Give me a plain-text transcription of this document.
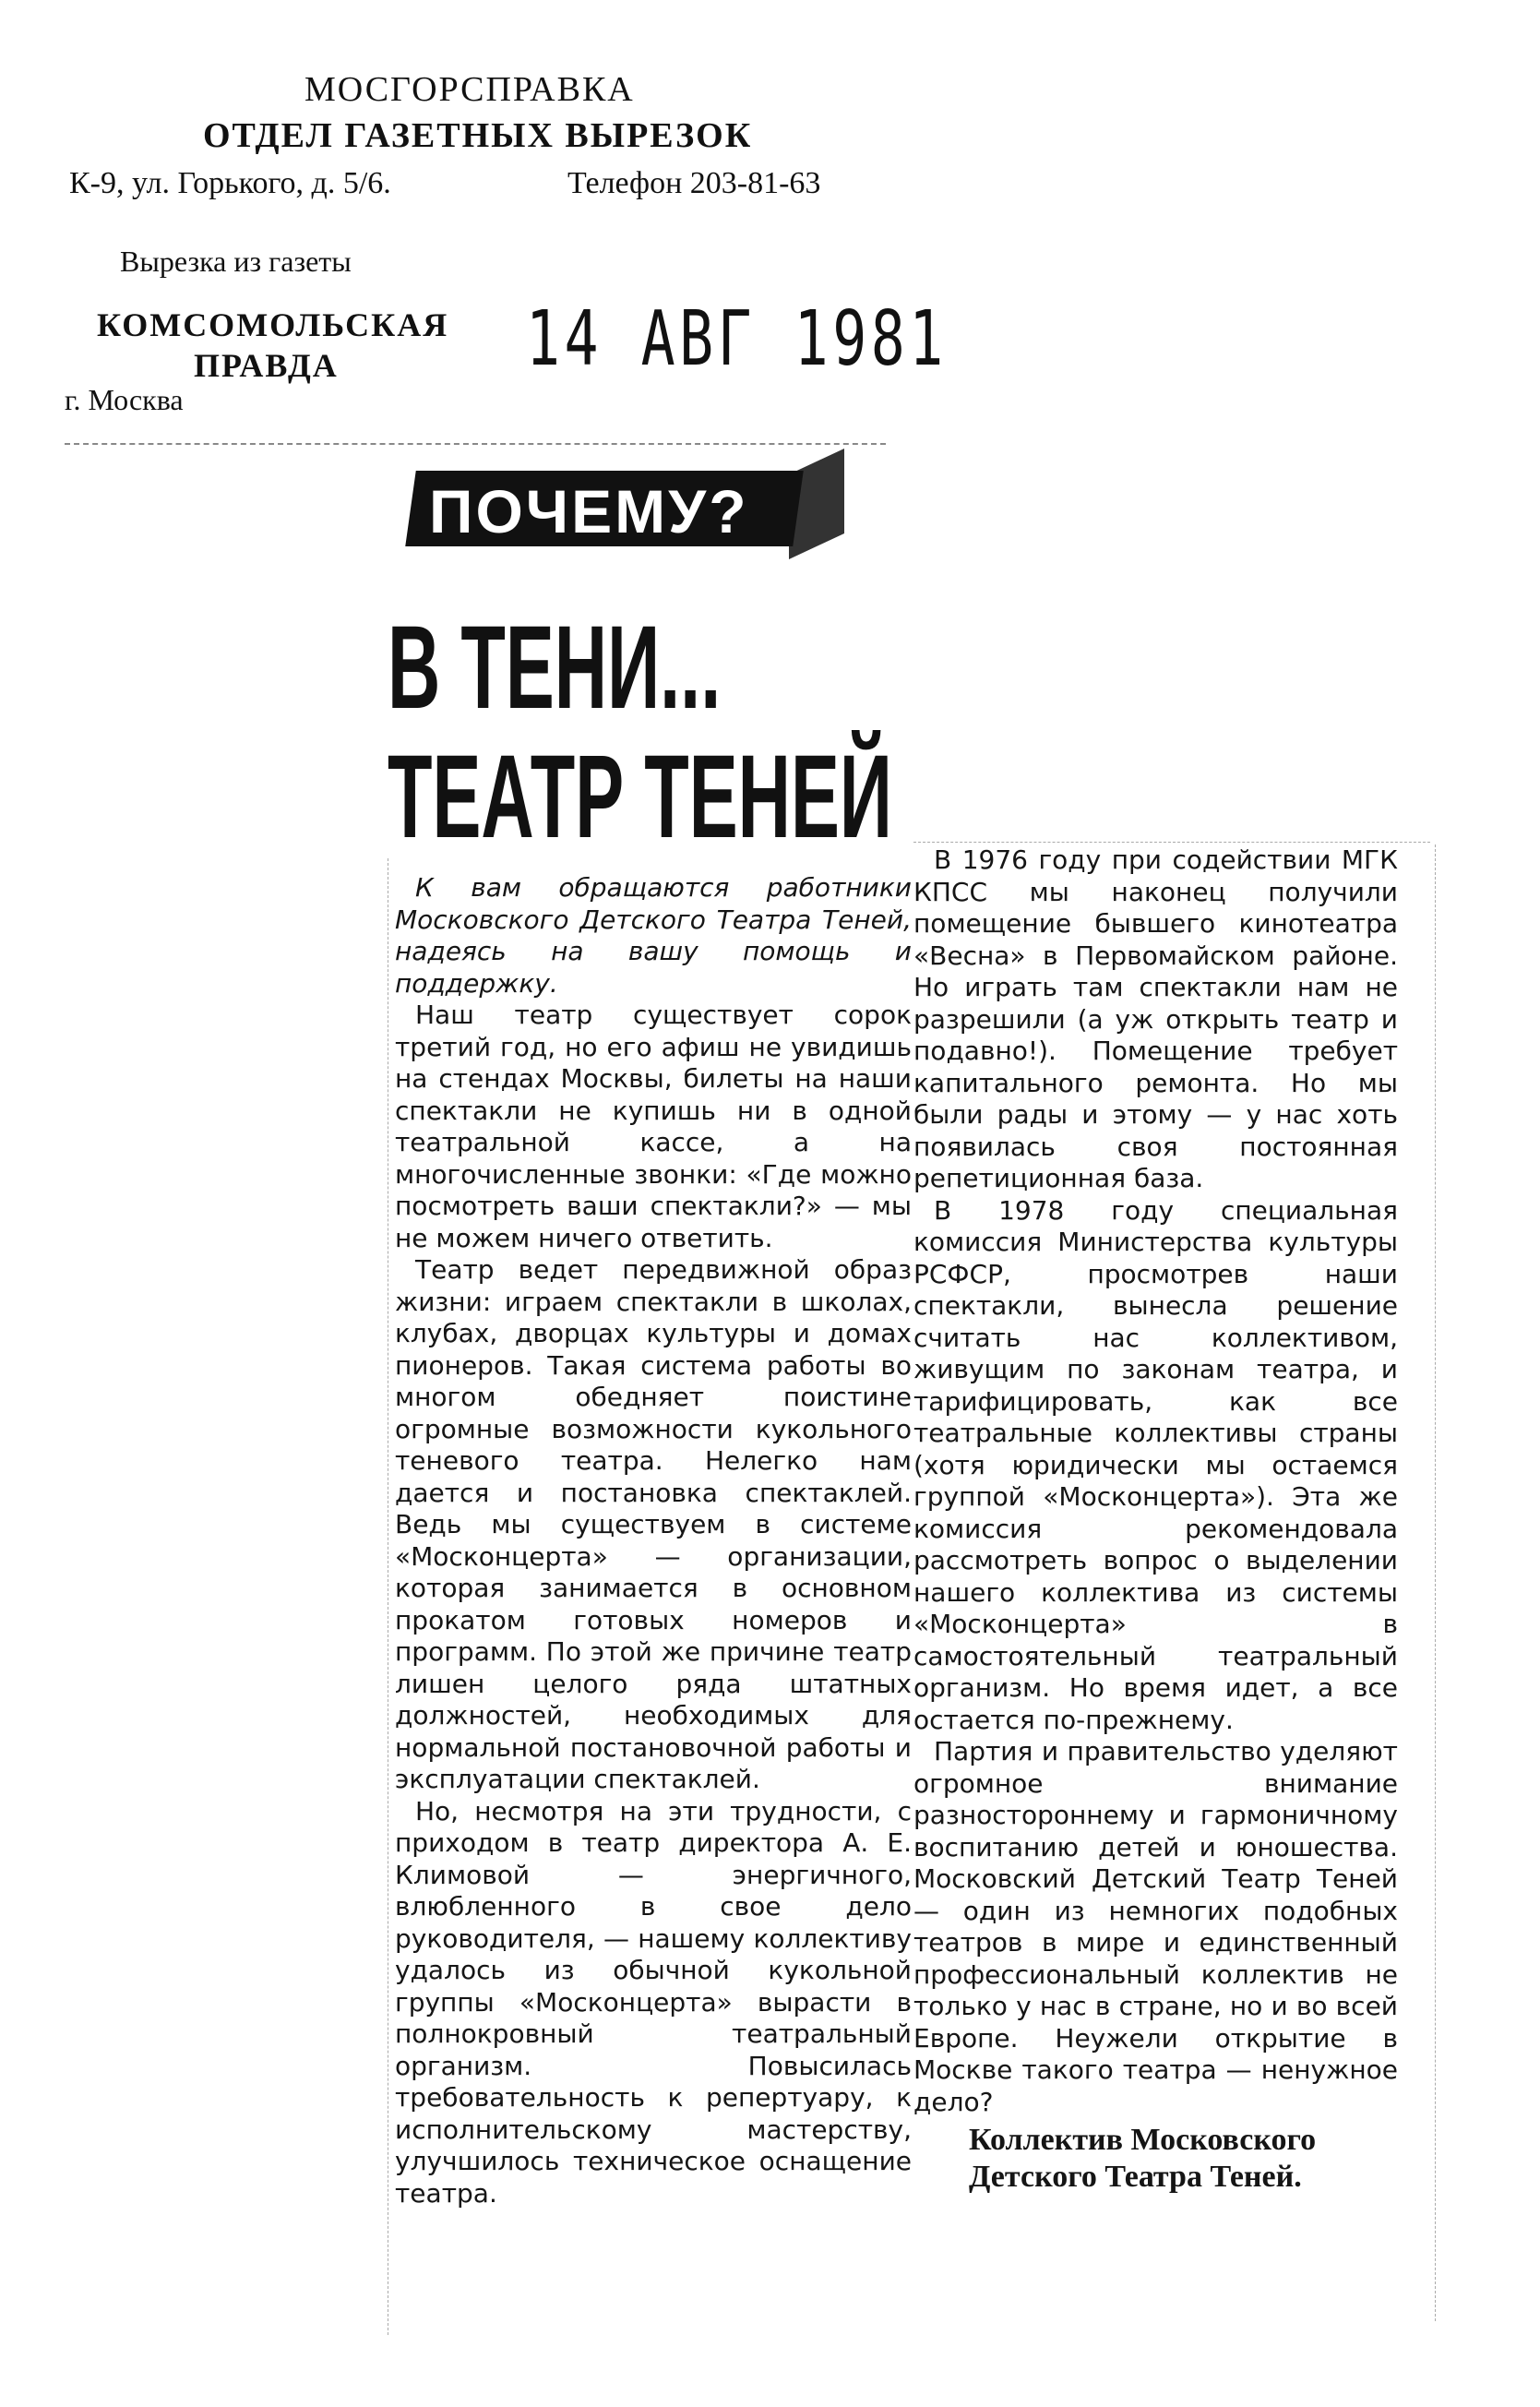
МОСГОРСПРАВКА
ОТДЕЛ ГАЗЕТНЫХ ВЫРЕЗОК
К-9, ул. Горького, д. 5/6.	Телефон 203-81-63
Вырезка из газеты
КОМСОМОЛЬСКАЯ
ПРАВДА	14 АВГ 1981
г. Москва
ПОЧЕМУ?
В ТЕНИ...
ТЕАТР ТЕНЕЙ

К вам обращаются работники Московского Детского Театра Теней, надеясь на вашу помощь и поддержку.

Наш театр существует сорок третий год, но его афиш не увидишь на стендах Москвы, билеты на наши спектакли не купишь ни в одной театральной кассе, а на многочисленные звонки: «Где можно посмотреть ваши спектакли?» — мы не можем ничего ответить.

Театр ведет передвижной образ жизни: играем спектакли в школах, клубах, дворцах культуры и домах пионеров. Такая система работы во многом обедняет поистине огромные возможности кукольного теневого театра. Нелегко нам дается и постановка спектаклей. Ведь мы существуем в системе «Москонцерта» — организации, которая занимается в основном прокатом готовых номеров и программ. По этой же причине театр лишен целого ряда штатных должностей, необходимых для нормальной постановочной работы и эксплуатации спектаклей.

Но, несмотря на эти трудности, с приходом в театр директора А. Е. Климовой — энергичного, влюбленного в свое дело руководителя, — нашему коллективу удалось из обычной кукольной группы «Москонцерта» вырасти в полнокровный театральный организм. Повысилась требовательность к репертуару, к исполнительскому мастерству, улучшилось техническое оснащение театра.

В 1976 году при содействии МГК КПСС мы наконец получили помещение бывшего кинотеатра «Весна» в Первомайском районе. Но играть там спектакли нам не разрешили (а уж открыть театр и подавно!). Помещение требует капитального ремонта. Но мы были рады и этому — у нас хоть появилась своя постоянная репетиционная база.

В 1978 году специальная комиссия Министерства культуры РСФСР, просмотрев наши спектакли, вынесла решение считать нас коллективом, живущим по законам театра, и тарифицировать, как все театральные коллективы страны (хотя юридически мы остаемся группой «Москонцерта»). Эта же комиссия рекомендовала рассмотреть вопрос о выделении нашего коллектива из системы «Москонцерта» в самостоятельный театральный организм. Но время идет, а все остается по-прежнему.

Партия и правительство уделяют огромное внимание разностороннему и гармоничному воспитанию детей и юношества. Московский Детский Театр Теней — один из немногих подобных театров в мире и единственный профессиональный коллектив не только у нас в стране, но и во всей Европе. Неужели открытие в Москве такого театра — ненужное дело?

Коллектив Московского
Детского Театра Теней.
